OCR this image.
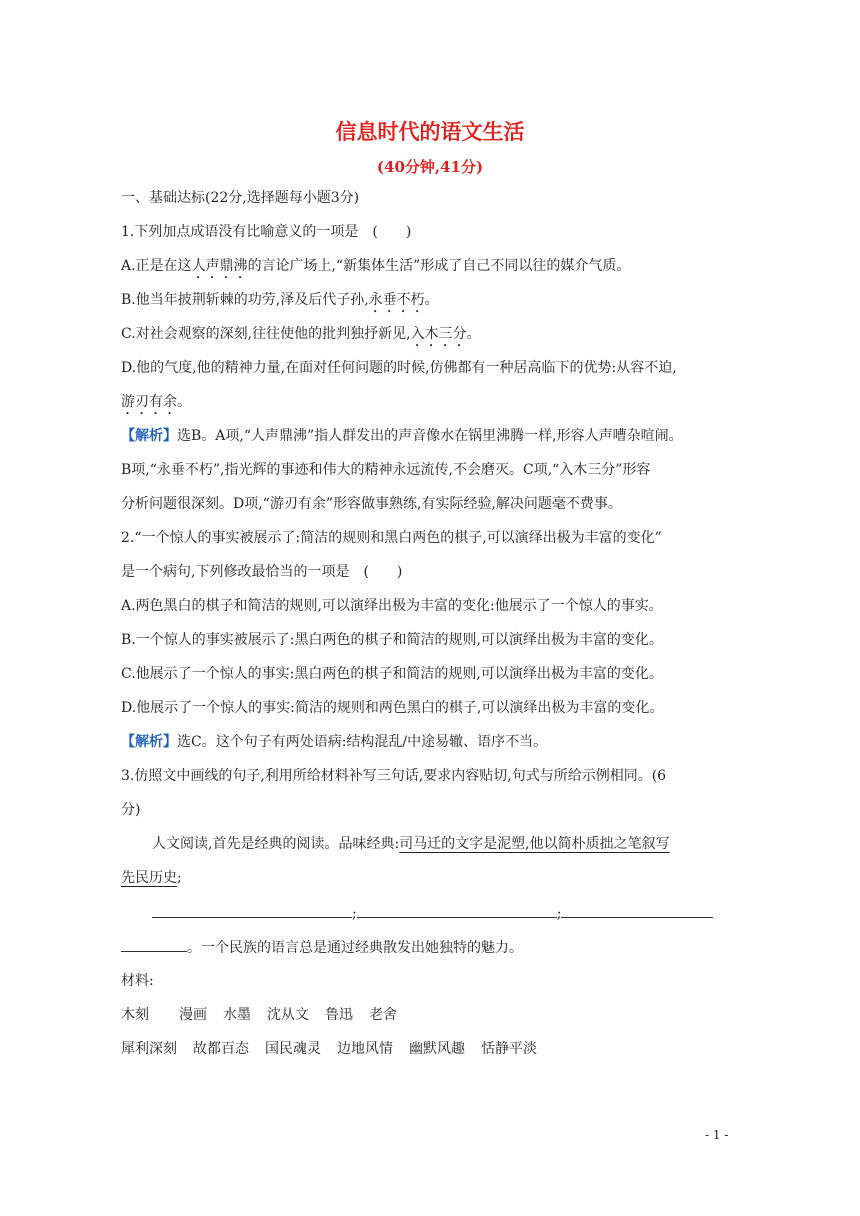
信息时代的语文生活
(40分钟,41分)
一、基础达标(22分,选择题每小题3分)
1.下列加点成语没有比喻意义的一项是　(　　)
A.正是在这人声鼎沸的言论广场上,“新集体生活”形成了自己不同以往的媒介气质。
B.他当年披荆斩棘的功劳,泽及后代子孙,永垂不朽。
C.对社会观察的深刻,往往使他的批判独抒新见,入木三分。
D.他的气度,他的精神力量,在面对任何问题的时候,仿佛都有一种居高临下的优势:从容不迫,
游刃有余。
【解析】选B。A项,“人声鼎沸”指人群发出的声音像水在锅里沸腾一样,形容人声嘈杂喧闹。
B项,“永垂不朽”,指光辉的事迹和伟大的精神永远流传,不会磨灭。C项,“入木三分”形容
分析问题很深刻。D项,“游刃有余”形容做事熟练,有实际经验,解决问题毫不费事。
2.“一个惊人的事实被展示了:简洁的规则和黑白两色的棋子,可以演绎出极为丰富的变化”
是一个病句,下列修改最恰当的一项是　(　　)
A.两色黑白的棋子和简洁的规则,可以演绎出极为丰富的变化:他展示了一个惊人的事实。
B.一个惊人的事实被展示了:黑白两色的棋子和简洁的规则,可以演绎出极为丰富的变化。
C.他展示了一个惊人的事实:黑白两色的棋子和简洁的规则,可以演绎出极为丰富的变化。
D.他展示了一个惊人的事实:简洁的规则和两色黑白的棋子,可以演绎出极为丰富的变化。
【解析】选C。这个句子有两处语病:结构混乱/中途易辙、语序不当。
3.仿照文中画线的句子,利用所给材料补写三句话,要求内容贴切,句式与所给示例相同。(6
分)
人文阅读,首先是经典的阅读。品味经典:司马迁的文字是泥塑,他以简朴质拙之笔叙写
先民历史;
;	;
。一个民族的语言总是通过经典散发出她独特的魅力。
材料:
木刻 漫画 水墨 沈从文 鲁迅 老舍
犀利深刻 故都百态 国民魂灵 边地风情 幽默风趣 恬静平淡
- 1 -
